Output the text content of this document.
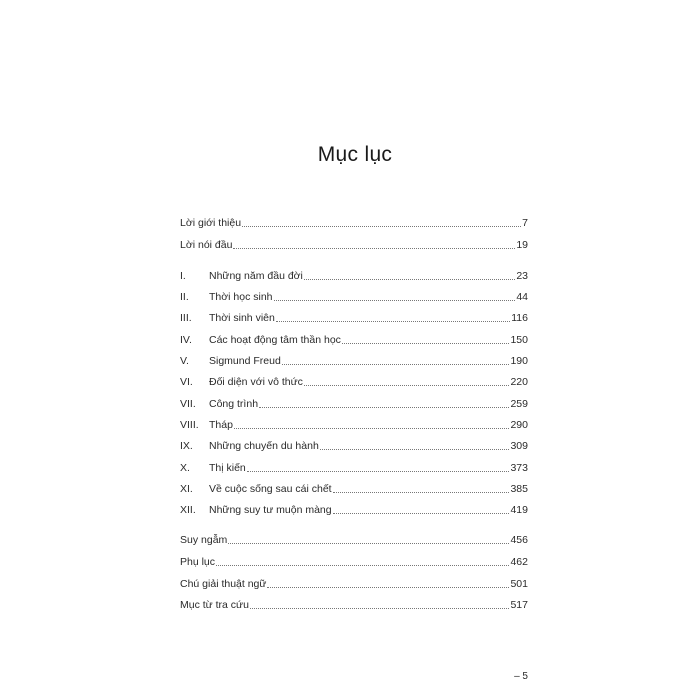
Mục lục
Lời giới thiệu	7
Lời nói đầu	19
I.	Những năm đầu đời	23
II.	Thời học sinh	44
III.	Thời sinh viên	116
IV.	Các hoạt động tâm thần học	150
V.	Sigmund Freud	190
VI.	Đối diện với vô thức	220
VII.	Công trình	259
VIII. Tháp	290
IX.	Những chuyến du hành	309
X.	Thị kiến	373
XI.	Về cuộc sống sau cái chết	385
XII.	Những suy tư muộn màng	419
Suy ngẫm	456
Phụ lục	462
Chú giải thuật ngữ	501
Mục từ tra cứu	517
– 5
